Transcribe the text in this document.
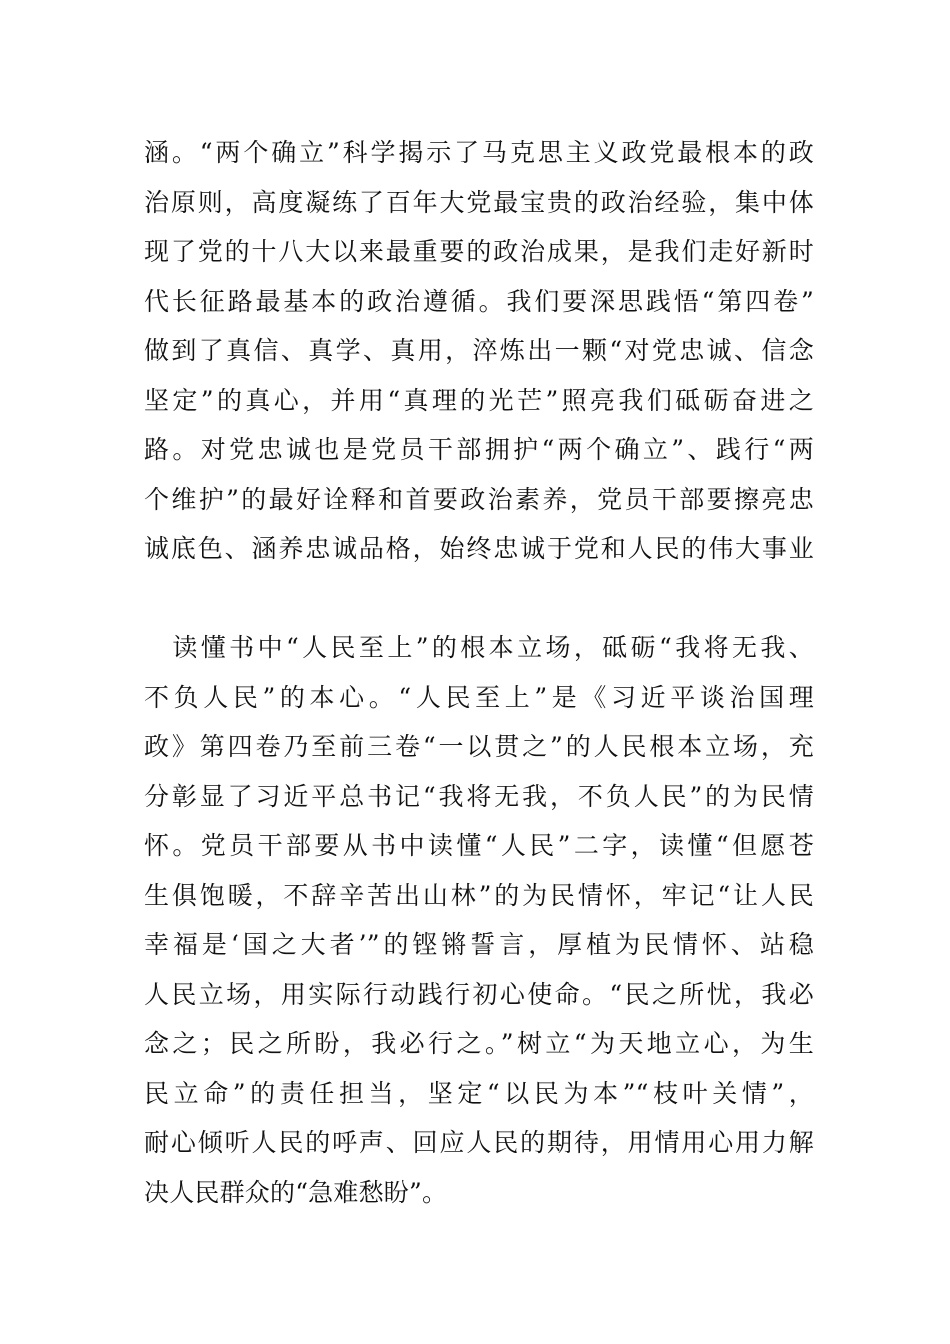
涵。“两个确立”科学揭示了马克思主义政党最根本的政
治原则，高度凝练了百年大党最宝贵的政治经验，集中体
现了党的十八大以来最重要的政治成果，是我们走好新时
代长征路最基本的政治遵循。我们要深思践悟“第四卷”
做到了真信、真学、真用，淬炼出一颗“对党忠诚、信念
坚定”的真心，并用“真理的光芒”照亮我们砥砺奋进之
路。对党忠诚也是党员干部拥护“两个确立”、践行“两
个维护”的最好诠释和首要政治素养，党员干部要擦亮忠
诚底色、涵养忠诚品格，始终忠诚于党和人民的伟大事业
　读懂书中“人民至上”的根本立场，砥砺“我将无我、
不负人民”的本心。“人民至上”是《习近平谈治国理
政》第四卷乃至前三卷“一以贯之”的人民根本立场，充
分彰显了习近平总书记“我将无我，不负人民”的为民情
怀。党员干部要从书中读懂“人民”二字，读懂“但愿苍
生俱饱暖，不辞辛苦出山林”的为民情怀，牢记“让人民
幸福是‘国之大者’”的铿锵誓言，厚植为民情怀、站稳
人民立场，用实际行动践行初心使命。“民之所忧，我必
念之；民之所盼，我必行之。”树立“为天地立心，为生
民立命”的责任担当，坚定“以民为本”“枝叶关情”，
耐心倾听人民的呼声、回应人民的期待，用情用心用力解
决人民群众的“急难愁盼”。
